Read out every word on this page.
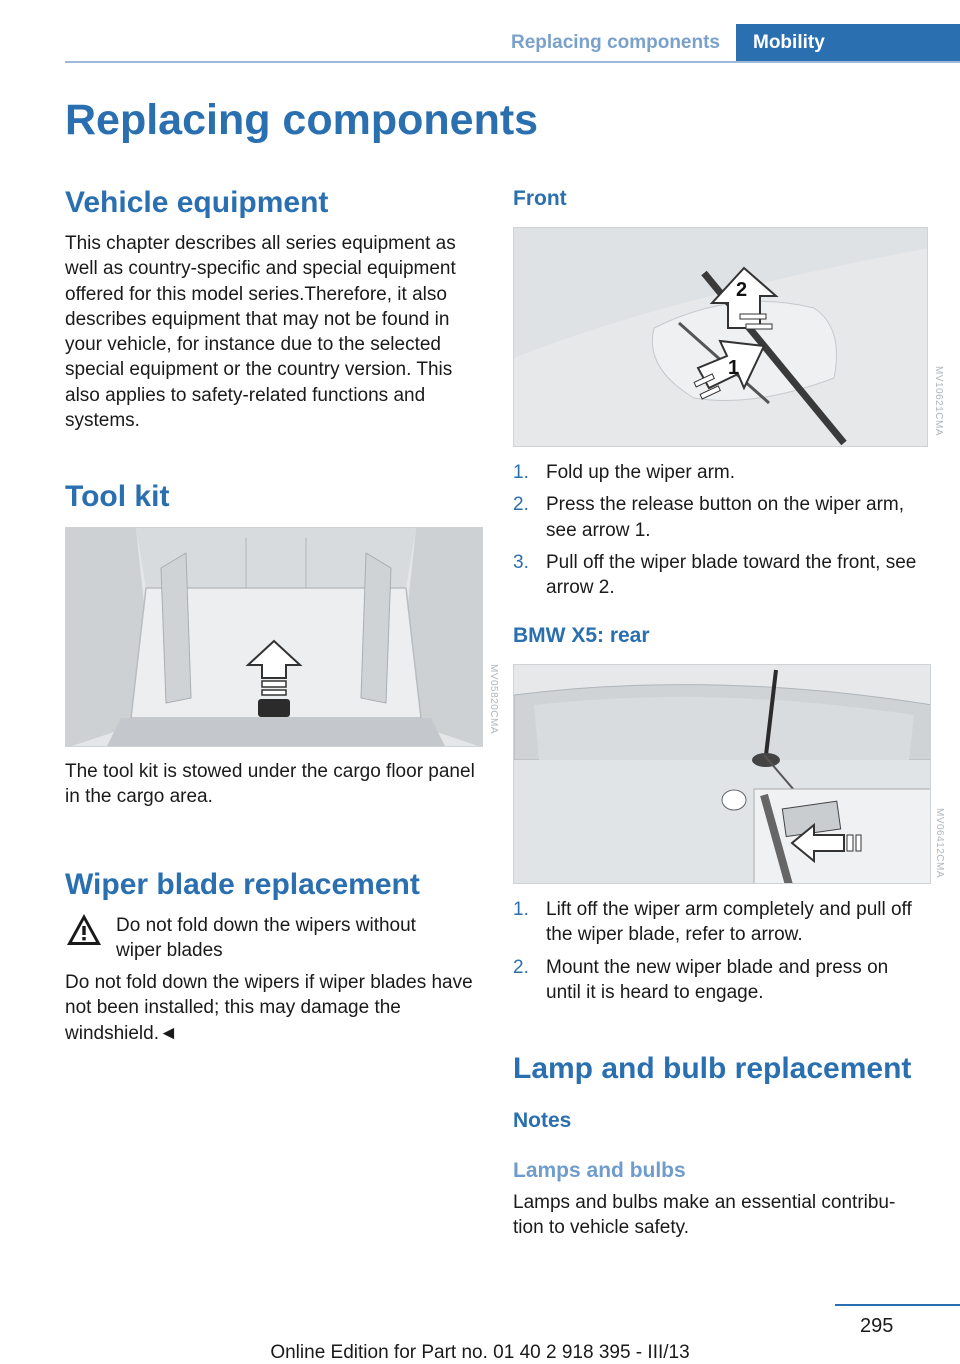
Replacing components	Mobility
Replacing components
Vehicle equipment

This chapter describes all series equipment as well as country-specific and special equipment offered for this model series.Therefore, it also describes equipment that may not be found in your vehicle, for instance due to the selected special equipment or the country version. This also applies to safety-related functions and systems.

Tool kit
MV05820CMA

The tool kit is stowed under the cargo floor panel in the cargo area.

Wiper blade replacement

Do not fold down the wipers without wiper blades

Do not fold down the wipers if wiper blades have not been installed; this may damage the windshield.◄

Front
2
1	MV10621CMA
1. Fold up the wiper arm.
2. Press the release button on the wiper arm, see arrow 1.
3. Pull off the wiper blade toward the front, see arrow 2.
BMW X5: rear
MV06412CMA
1. Lift off the wiper arm completely and pull off the wiper blade, refer to arrow.
2. Mount the new wiper blade and press on until it is heard to engage.
Lamp and bulb replacement
Notes
Lamps and bulbs

Lamps and bulbs make an essential contribu- tion to vehicle safety.

295
Online Edition for Part no. 01 40 2 918 395 - III/13
